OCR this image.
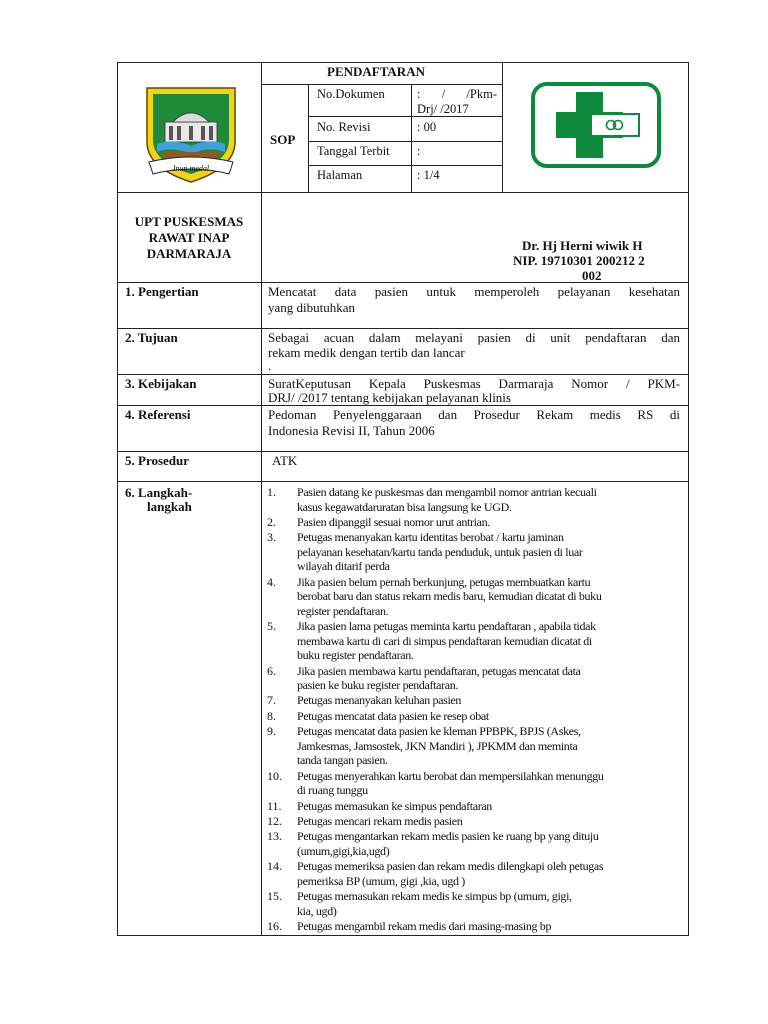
Inun medal
PENDAFTARAN
SOP
No.Dokumen	: / /Pkm-
Drj/ /2017
No. Revisi	: 00
Tanggal Terbit :
Halaman	: 1/4
UPT PUSKESMAS
RAWAT INAP
DARMARAJA
Dr. Hj Herni wiwik H
NIP. 19710301 200212 2
002
1. Pengertian	Mencatat data pasien untuk memperoleh pelayanan kesehatan
yang dibutuhkan
2. Tujuan	Sebagai acuan dalam melayani pasien di unit pendaftaran dan
rekam medik dengan tertib dan lancar
.
3. Kebijakan	SuratKeputusan Kepala Puskesmas Darmaraja Nomor / PKM-
DRJ/ /2017 tentang kebijakan pelayanan klinis
4. Referensi	Pedoman Penyelenggaraan dan Prosedur Rekam medis RS di
Indonesia Revisi II, Tahun 2006
5. Prosedur	ATK
6. Langkah-
langkah
1. Pasien datang ke puskesmas dan mengambil nomor antrian kecuali
kasus kegawatdaruratan bisa langsung ke UGD.
2. Pasien dipanggil sesuai nomor urut antrian.
3. Petugas menanyakan kartu identitas berobat / kartu jaminan
pelayanan kesehatan/kartu tanda penduduk, untuk pasien di luar
wilayah ditarif perda
4. Jika pasien belum pernah berkunjung, petugas membuatkan kartu
berobat baru dan status rekam medis baru, kemudian dicatat di buku
register pendaftaran.
5. Jika pasien lama petugas meminta kartu pendaftaran , apabila tidak
membawa kartu di cari di simpus pendaftaran kemudian dicatat di
buku register pendaftaran.
6. Jika pasien membawa kartu pendaftaran, petugas mencatat data
pasien ke buku register pendaftaran.
7. Petugas menanyakan keluhan pasien
8. Petugas mencatat data pasien ke resep obat
9. Petugas mencatat data pasien ke kleman PPBPK, BPJS (Askes,
Jamkesmas, Jamsostek, JKN Mandiri ), JPKMM dan meminta
tanda tangan pasien.
10. Petugas menyerahkan kartu berobat dan mempersilahkan menunggu
di ruang tunggu
11. Petugas memasukan ke simpus pendaftaran
12. Petugas mencari rekam medis pasien
13. Petugas mengantarkan rekam medis pasien ke ruang bp yang dituju
(umum,gigi,kia,ugd)
14. Petugas memeriksa pasien dan rekam medis dilengkapi oleh petugas
pemeriksa BP (umum, gigi ,kia, ugd )
15. Petugas memasukan rekam medis ke simpus bp (umum, gigi,
kia, ugd)
16. Petugas mengambil rekam medis dari masing-masing bp
